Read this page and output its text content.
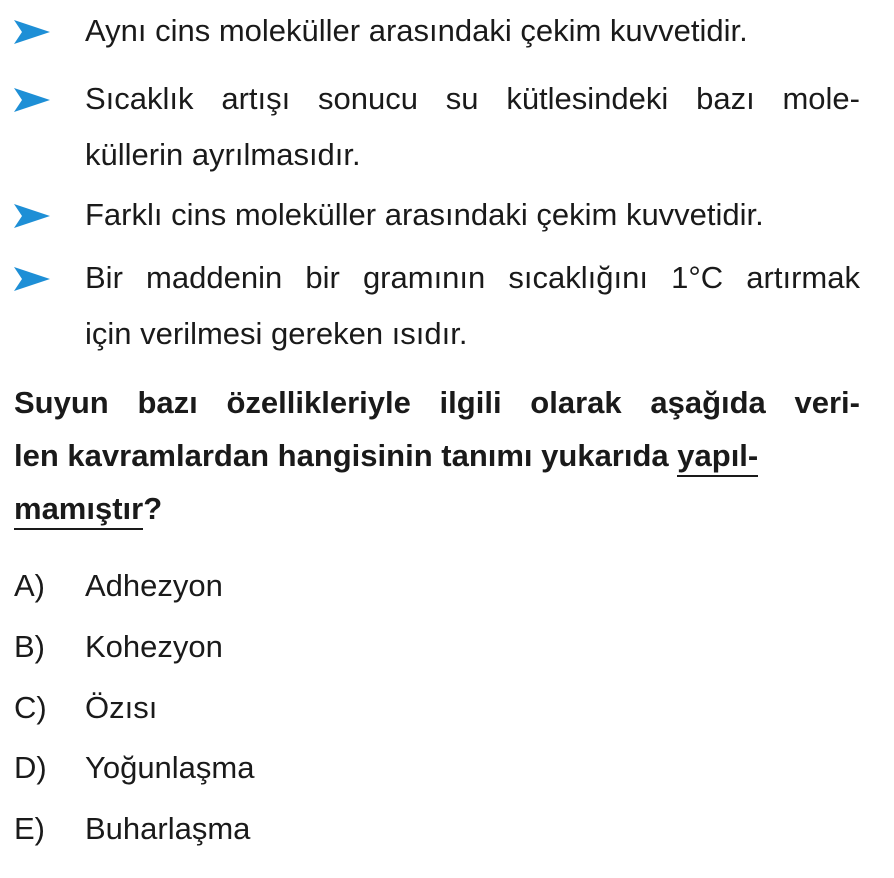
Aynı cins moleküller arasındaki çekim kuvvetidir.
Sıcaklık artışı sonucu su kütlesindeki bazı mole-
küllerin ayrılmasıdır.
Farklı cins moleküller arasındaki çekim kuvvetidir.
Bir maddenin bir gramının sıcaklığını 1°C artırmak
için verilmesi gereken ısıdır.
Suyun bazı özellikleriyle ilgili olarak aşağıda veri-
len kavramlardan hangisinin tanımı yukarıda yapıl-
mamıştır?
A)	Adhezyon
B)	Kohezyon
C)	Özısı
D)	Yoğunlaşma
E)	Buharlaşma
